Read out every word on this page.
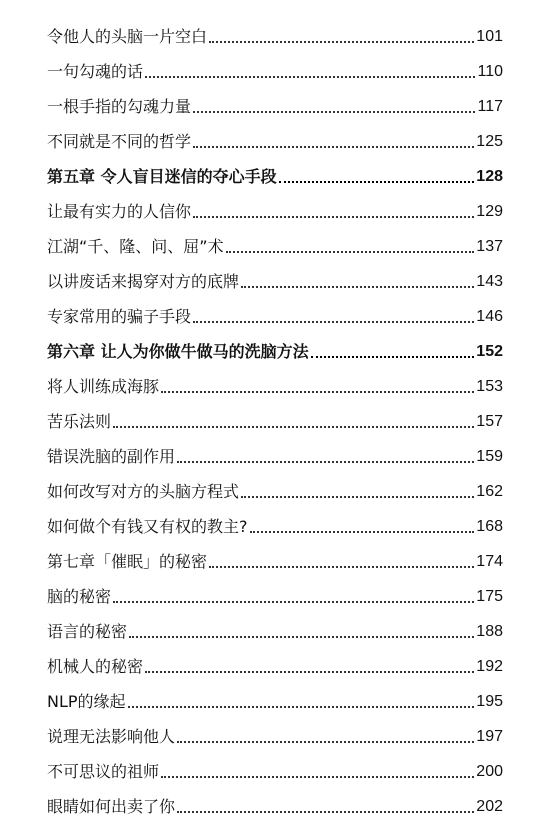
令他人的头脑一片空白	101
一句勾魂的话	110
一根手指的勾魂力量	117
不同就是不同的哲学	125
第五章 令人盲目迷信的夺心手段	128
让最有实力的人信你	129
江湖“千、隆、问、屈”术	137
以讲废话来揭穿对方的底牌	143
专家常用的骗子手段	146
第六章 让人为你做牛做马的洗脑方法	152
将人训练成海豚	153
苦乐法则	157
错误洗脑的副作用	159
如何改写对方的头脑方程式	162
如何做个有钱又有权的教主?	168
第七章「催眠」的秘密	174
脑的秘密	175
语言的秘密	188
机械人的秘密	192
NLP的缘起	195
说理无法影响他人	197
不可思议的祖师	200
眼睛如何出卖了你	202
